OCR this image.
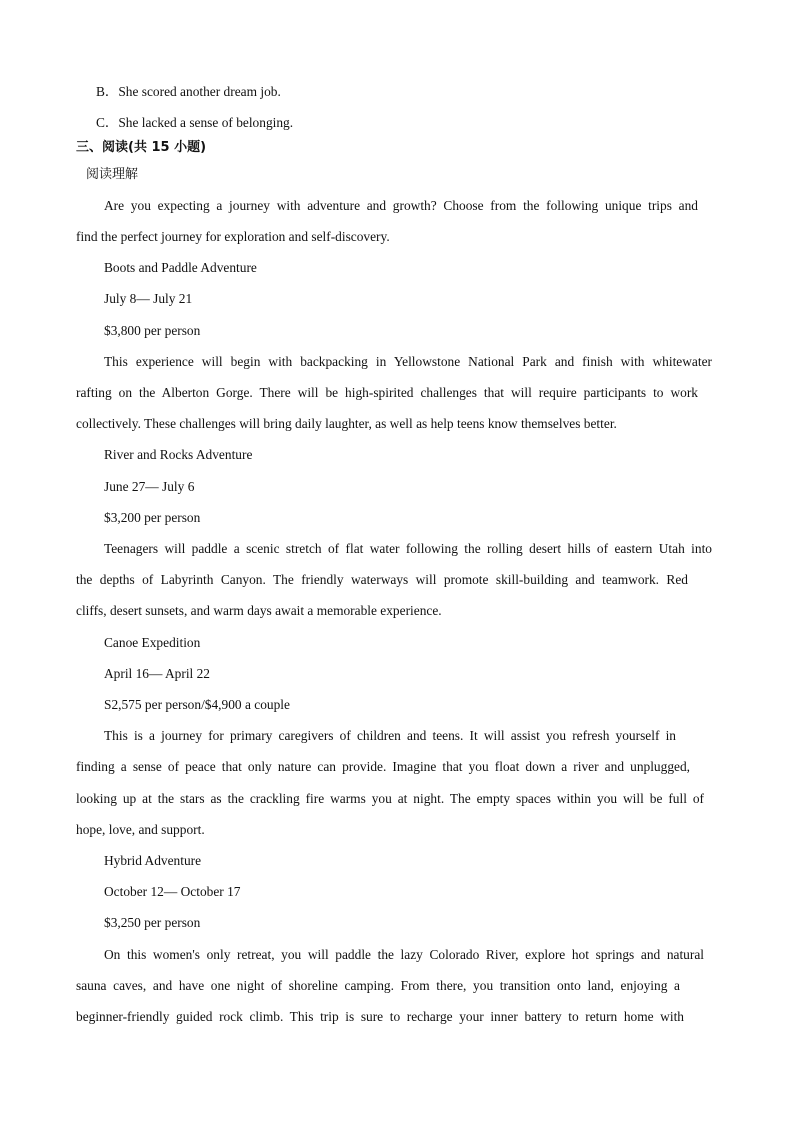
B．She scored another dream job.
C．She lacked a sense of belonging.
三、阅读(共 15 小题)
阅读理解
Are you expecting a journey with adventure and growth? Choose from the following unique trips and
find the perfect journey for exploration and self-discovery.
Boots and Paddle Adventure
July 8— July 21
$3,800 per person
This experience will begin with backpacking in Yellowstone National Park and finish with whitewater
rafting on the Alberton Gorge. There will be high-spirited challenges that will require participants to work
collectively. These challenges will bring daily laughter, as well as help teens know themselves better.
River and Rocks Adventure
June 27— July 6
$3,200 per person
Teenagers will paddle a scenic stretch of flat water following the rolling desert hills of eastern Utah into
the depths of Labyrinth Canyon. The friendly waterways will promote skill-building and teamwork. Red
cliffs, desert sunsets, and warm days await a memorable experience.
Canoe Expedition
April 16— April 22
S2,575 per person/$4,900 a couple
This is a journey for primary caregivers of children and teens. It will assist you refresh yourself in
finding a sense of peace that only nature can provide. Imagine that you float down a river and unplugged,
looking up at the stars as the crackling fire warms you at night. The empty spaces within you will be full of
hope, love, and support.
Hybrid Adventure
October 12— October 17
$3,250 per person
On this women's only retreat, you will paddle the lazy Colorado River, explore hot springs and natural
sauna caves, and have one night of shoreline camping. From there, you transition onto land, enjoying a
beginner-friendly guided rock climb. This trip is sure to recharge your inner battery to return home with
